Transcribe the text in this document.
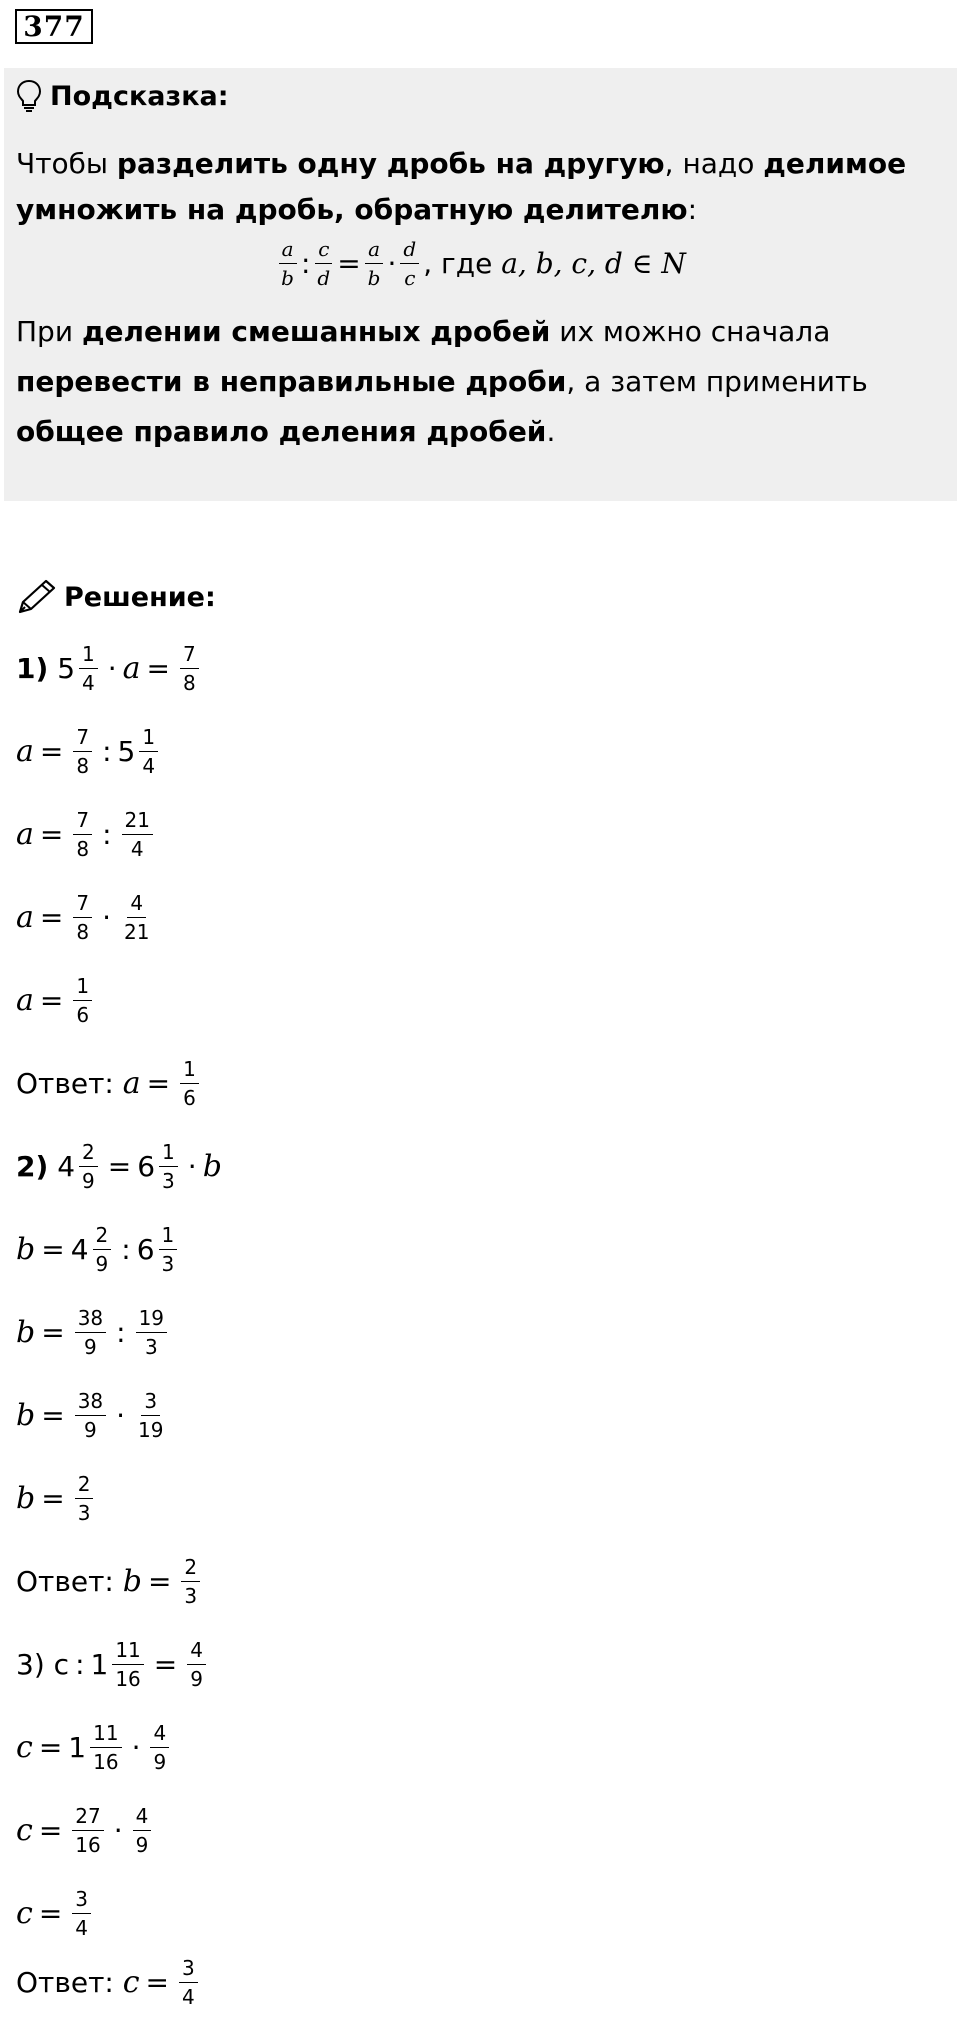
377
Подсказка:
Чтобы разделить одну дробь на другую, надо делимое
умножить на дробь, обратную делителю:
$\frac{a}{b}$ : $\frac{c}{d} = \frac{a}{b} \cdot \frac{d}{c}$ , где a, b, c, d ∈ N
При делении смешанных дробей их можно сначала
перевести в неправильные дроби, а затем применить
общее правило деления дробей.
Решение:
1)
$5 \frac{1}{4} \cdot a = \frac{7}{8}$
$a = \frac{7}{8}$ : $5 \frac{1}{4}$
$a = \frac{7}{8}$ : $\frac{21}{4}$
$a = \frac{7}{8} \cdot \frac{4}{21}$
$a = \frac{1}{6}$
Ответ:
$a = \frac{1}{6}$
2)
$4 \frac{2}{9} = 6 \frac{1}{3} \cdot b$
$b = 4 \frac{2}{9}$ : $6 \frac{1}{3}$
$b = \frac{38}{9}$ : $\frac{19}{3}$
$b = \frac{38}{9} \cdot \frac{3}{19}$
$b = \frac{2}{3}$
Ответ:
$b = \frac{2}{3}$
3)
c : $1 \frac{11}{16} = \frac{4}{9}$
$c = 1 \frac{11}{16} \cdot \frac{4}{9}$
$c = \frac{27}{16} \cdot \frac{4}{9}$
$c = \frac{3}{4}$
Ответ:
$c = \frac{3}{4}$
